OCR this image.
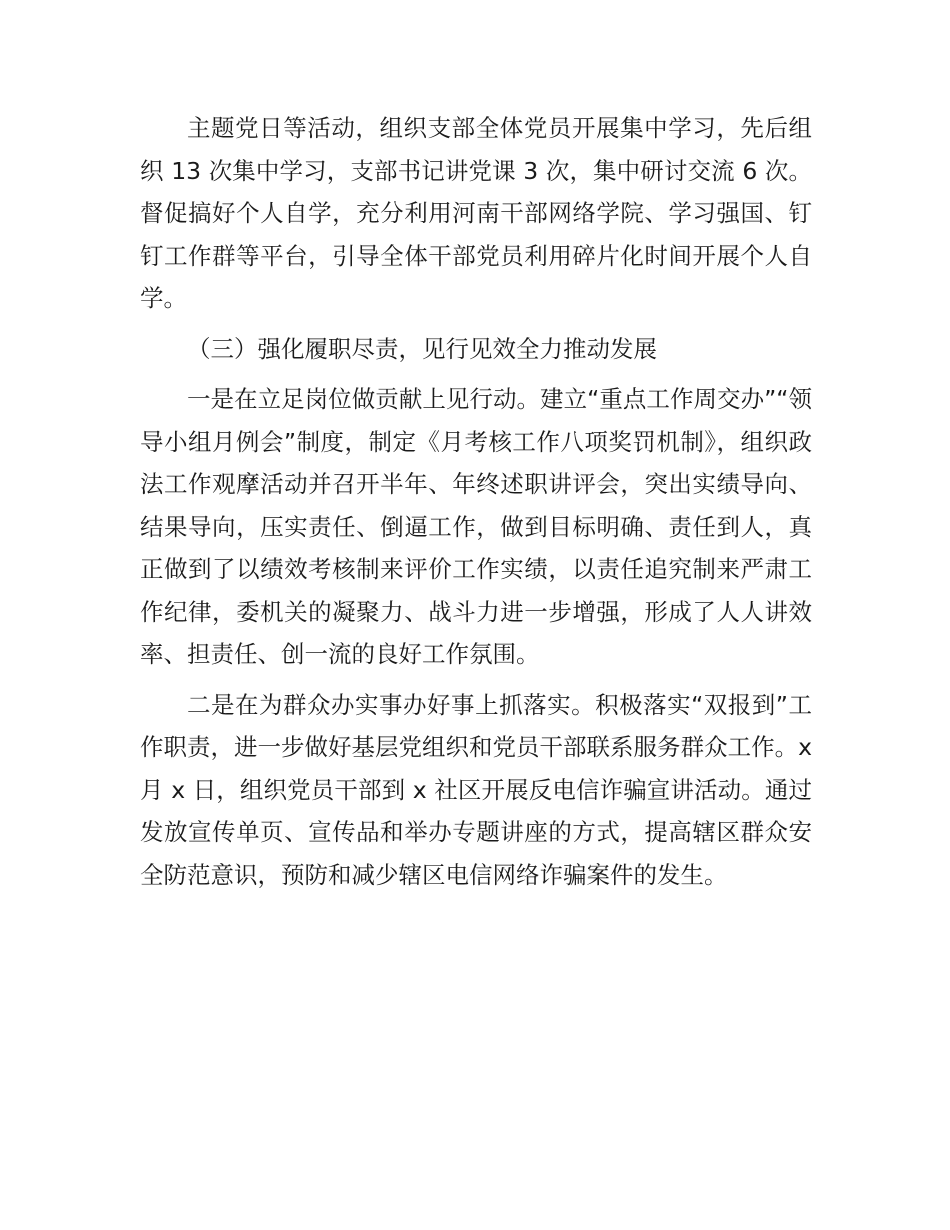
主题党日等活动，组织支部全体党员开展集中学习，先后组织 13 次集中学习，支部书记讲党课 3 次，集中研讨交流 6 次。督促搞好个人自学，充分利用河南干部网络学院、学习强国、钉钉工作群等平台，引导全体干部党员利用碎片化时间开展个人自学。

（三）强化履职尽责，见行见效全力推动发展

一是在立足岗位做贡献上见行动。建立“重点工作周交办”“领导小组月例会”制度，制定《月考核工作八项奖罚机制》，组织政法工作观摩活动并召开半年、年终述职讲评会，突出实绩导向、结果导向，压实责任、倒逼工作，做到目标明确、责任到人，真正做到了以绩效考核制来评价工作实绩，以责任追究制来严肃工作纪律，委机关的凝聚力、战斗力进一步增强，形成了人人讲效率、担责任、创一流的良好工作氛围。

二是在为群众办实事办好事上抓落实。积极落实“双报到”工作职责，进一步做好基层党组织和党员干部联系服务群众工作。x 月 x 日，组织党员干部到 x 社区开展反电信诈骗宣讲活动。通过发放宣传单页、宣传品和举办专题讲座的方式，提高辖区群众安全防范意识，预防和减少辖区电信网络诈骗案件的发生。
